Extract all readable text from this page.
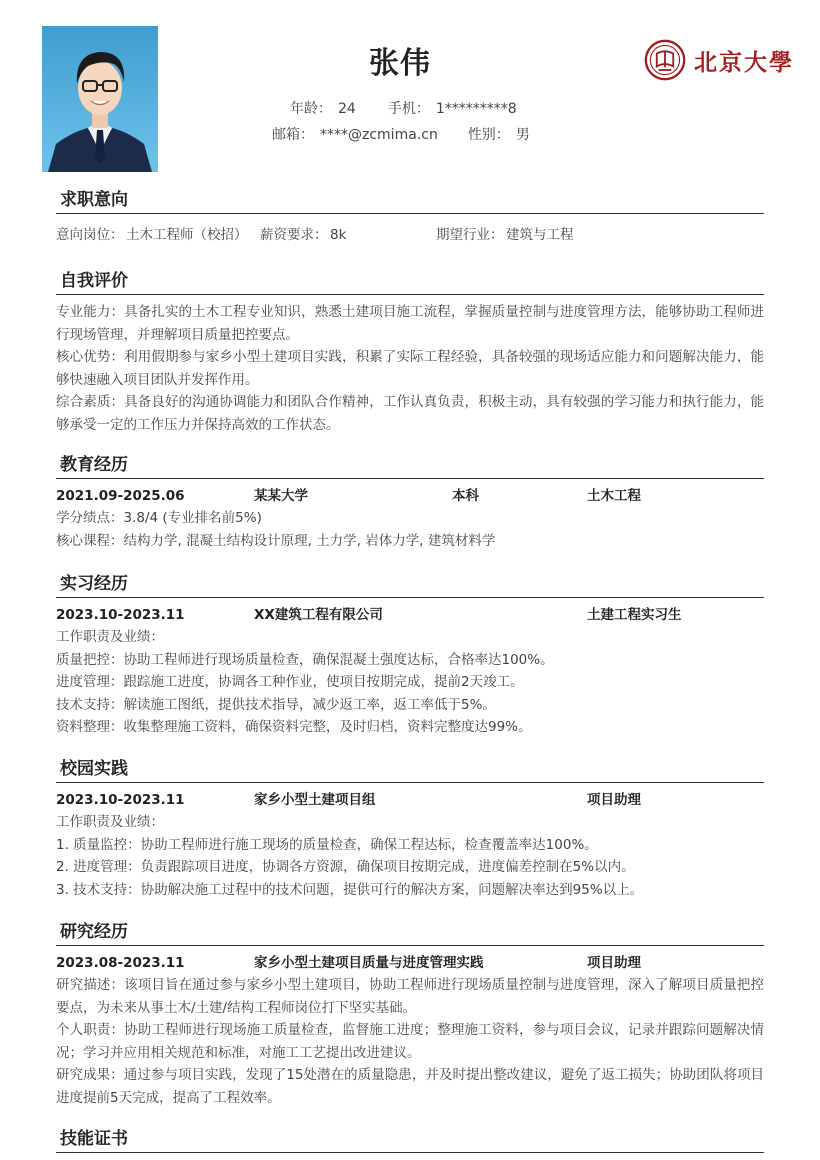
张伟
年龄： 24 手机： 1*********8
邮箱： ****@zcmima.cn 性别： 男
北京大學
求职意向
意向岗位： 土木工程师（校招） 薪资要求： 8k	期望行业： 建筑与工程
自我评价
专业能力：具备扎实的土木工程专业知识，熟悉土建项目施工流程，掌握质量控制与进度管理方法，能够协助工程师进行现场管理，并理解项目质量把控要点。
核心优势：利用假期参与家乡小型土建项目实践，积累了实际工程经验，具备较强的现场适应能力和问题解决能力，能够快速融入项目团队并发挥作用。
综合素质：具备良好的沟通协调能力和团队合作精神，工作认真负责，积极主动，具有较强的学习能力和执行能力，能够承受一定的工作压力并保持高效的工作状态。
教育经历
2021.09-2025.06	某某大学	本科	土木工程
学分绩点：3.8/4 (专业排名前5%)
核心课程：结构力学, 混凝土结构设计原理, 土力学, 岩体力学, 建筑材料学
实习经历
2023.10-2023.11	XX建筑工程有限公司	土建工程实习生
工作职责及业绩：
质量把控：协助工程师进行现场质量检查，确保混凝土强度达标，合格率达100%。
进度管理：跟踪施工进度，协调各工种作业，使项目按期完成，提前2天竣工。
技术支持：解读施工图纸，提供技术指导，减少返工率，返工率低于5%。
资料整理：收集整理施工资料，确保资料完整，及时归档，资料完整度达99%。
校园实践
2023.10-2023.11	家乡小型土建项目组	项目助理
工作职责及业绩：
1. 质量监控：协助工程师进行施工现场的质量检查，确保工程达标，检查覆盖率达100%。
2. 进度管理：负责跟踪项目进度，协调各方资源，确保项目按期完成，进度偏差控制在5%以内。
3. 技术支持：协助解决施工过程中的技术问题，提供可行的解决方案，问题解决率达到95%以上。
研究经历
2023.08-2023.11	家乡小型土建项目质量与进度管理实践	项目助理
研究描述：该项目旨在通过参与家乡小型土建项目，协助工程师进行现场质量控制与进度管理，深入了解项目质量把控要点，为未来从事土木/土建/结构工程师岗位打下坚实基础。
个人职责：协助工程师进行现场施工质量检查，监督施工进度；整理施工资料，参与项目会议，记录并跟踪问题解决情况；学习并应用相关规范和标准，对施工工艺提出改进建议。
研究成果：通过参与项目实践，发现了15处潜在的质量隐患，并及时提出整改建议，避免了返工损失；协助团队将项目进度提前5天完成，提高了工程效率。
技能证书
